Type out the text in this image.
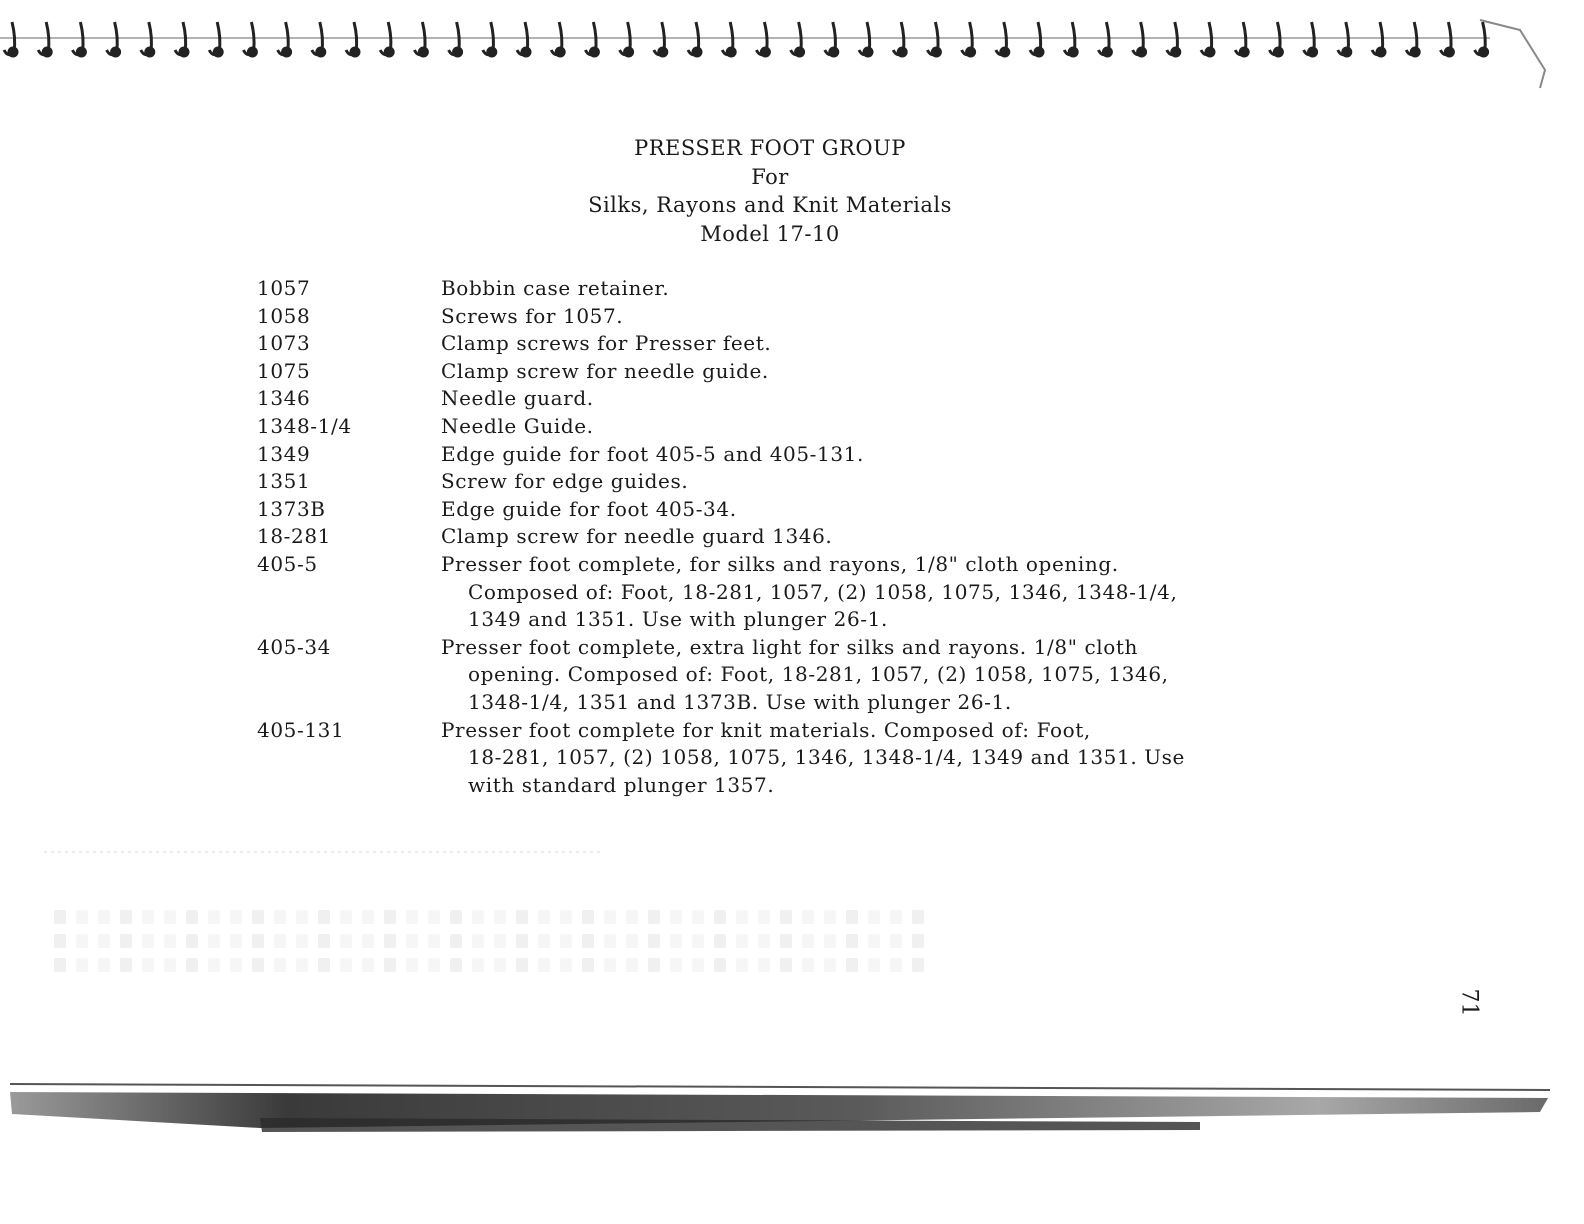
PRESSER FOOT GROUP
For
Silks, Rayons and Knit Materials
Model 17-10
1057	Bobbin case retainer.
1058	Screws for 1057.
1073	Clamp screws for Presser feet.
1075	Clamp screw for needle guide.
1346	Needle guard.
1348-1/4	Needle Guide.
1349	Edge guide for foot 405-5 and 405-131.
1351	Screw for edge guides.
1373B	Edge guide for foot 405-34.
18-281	Clamp screw for needle guard 1346.
405-5	Presser foot complete, for silks and rayons, 1/8" cloth opening.
Composed of: Foot, 18-281, 1057, (2) 1058, 1075, 1346, 1348-1/4,
1349 and 1351. Use with plunger 26-1.
405-34	Presser foot complete, extra light for silks and rayons. 1/8" cloth
opening. Composed of: Foot, 18-281, 1057, (2) 1058, 1075, 1346,
1348-1/4, 1351 and 1373B. Use with plunger 26-1.
405-131	Presser foot complete for knit materials. Composed of: Foot,
18-281, 1057, (2) 1058, 1075, 1346, 1348-1/4, 1349 and 1351. Use
with standard plunger 1357.
71
